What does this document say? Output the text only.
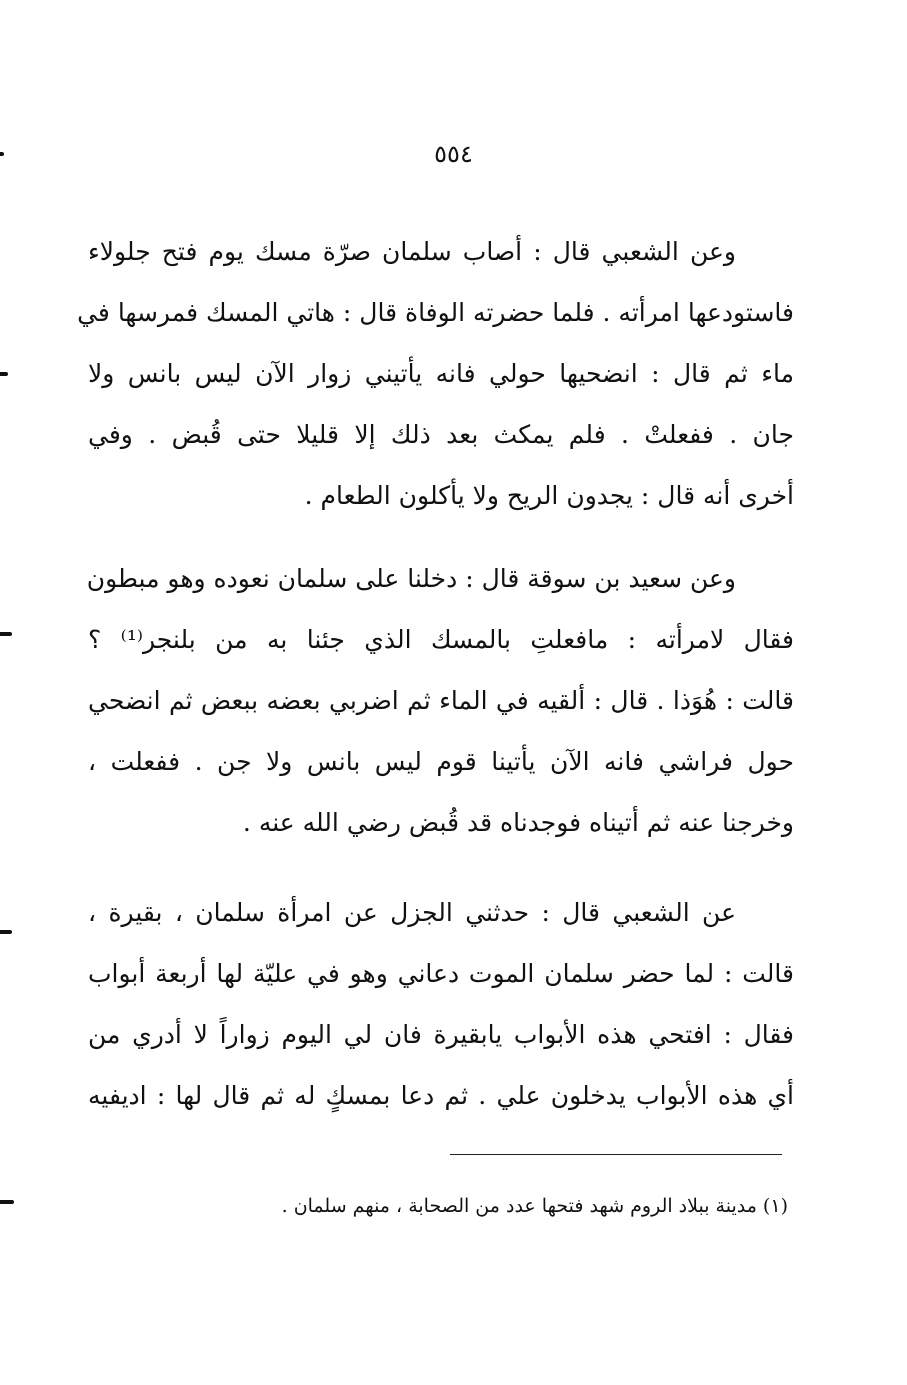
٥٥٤
وعن الشعبي قال : أصاب سلمان صرّة مسك يوم فتح جلولاء
فاستودعها امرأته . فلما حضرته الوفاة قال : هاتي المسك فمرسها في
ماء ثم قال : انضحيها حولي فانه يأتيني زوار الآن ليس بانس ولا
جان . ففعلتْ . فلم يمكث بعد ذلك إلا قليلا حتى قُبض . وفي
أخرى أنه قال : يجدون الريح ولا يأكلون الطعام .
وعن سعيد بن سوقة قال : دخلنا على سلمان نعوده وهو مبطون
فقال لامرأته : مافعلتِ بالمسك الذي جئنا به من بلنجر⁽¹⁾ ؟
قالت : هُوَذا . قال : ألقيه في الماء ثم اضربي بعضه ببعض ثم انضحي
حول فراشي فانه الآن يأتينا قوم ليس بانس ولا جن . ففعلت ،
وخرجنا عنه ثم أتيناه فوجدناه قد قُبض رضي الله عنه .
عن الشعبي قال : حدثني الجزل عن امرأة سلمان ، بقيرة ،
قالت : لما حضر سلمان الموت دعاني وهو في عليّة لها أربعة أبواب
فقال : افتحي هذه الأبواب يابقيرة فان لي اليوم زواراً لا أدري من
أي هذه الأبواب يدخلون علي . ثم دعا بمسكٍ له ثم قال لها : اديفيه
(١) مدينة ببلاد الروم شهد فتحها عدد من الصحابة ، منهم سلمان .
